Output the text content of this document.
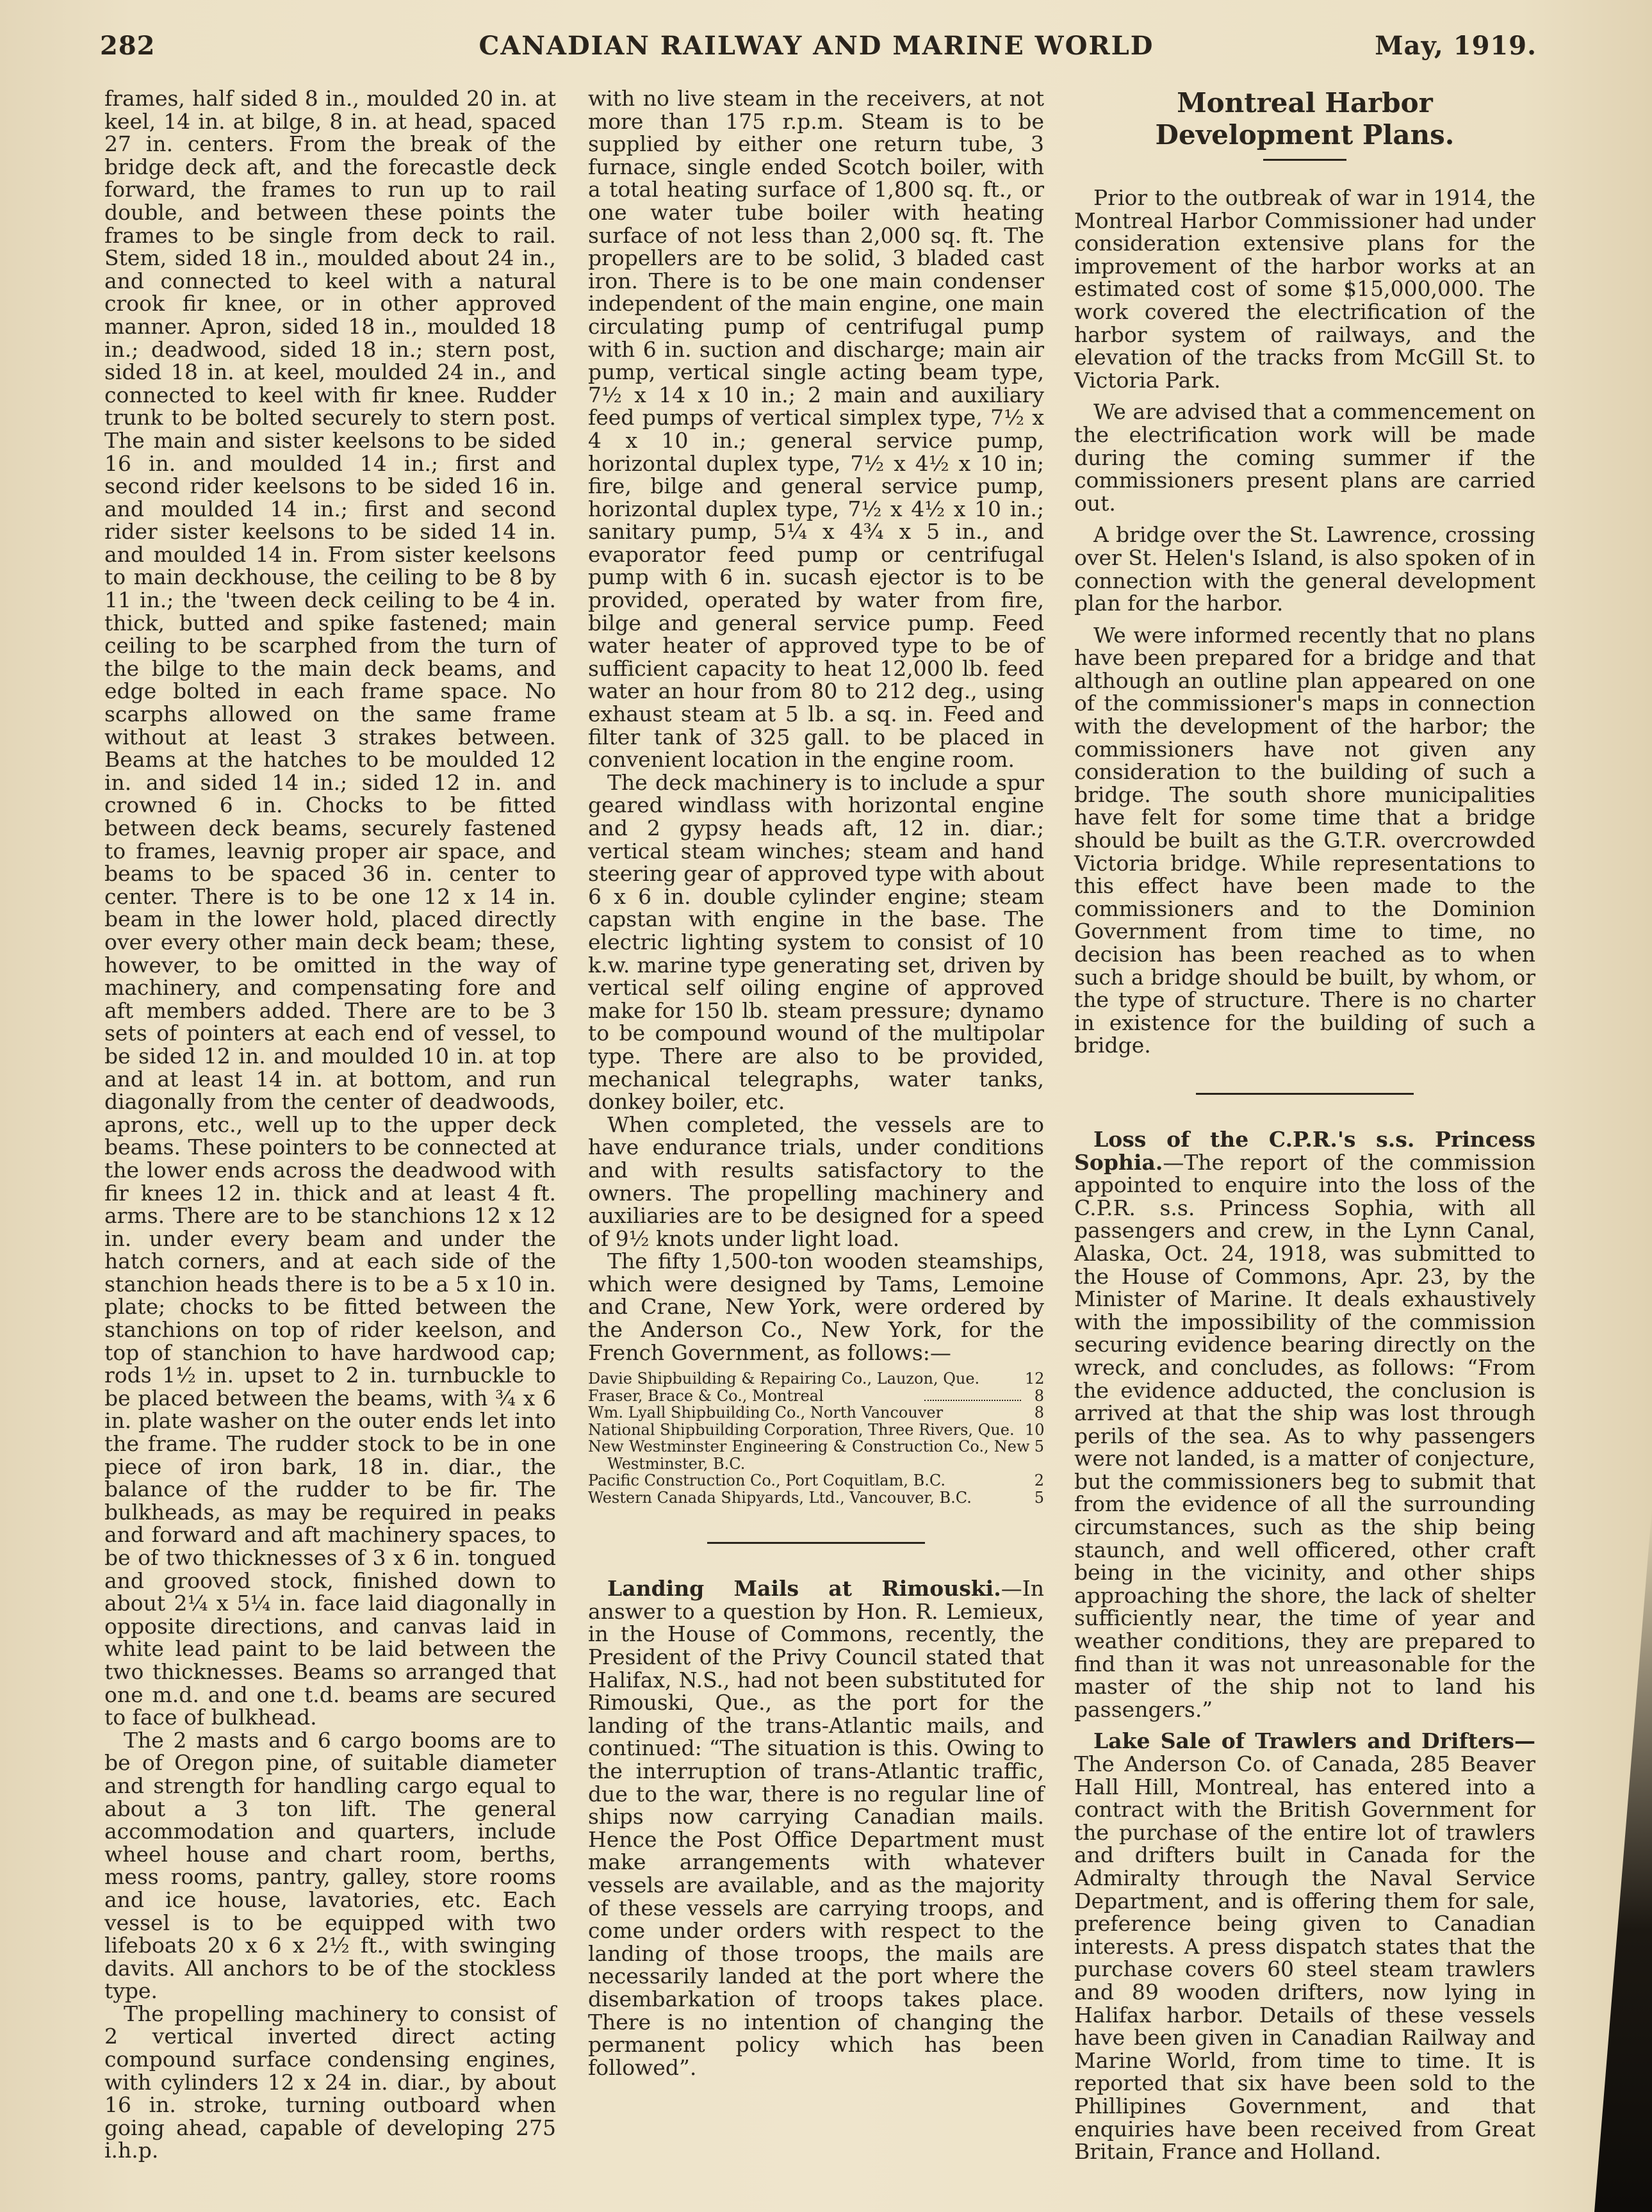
282	CANADIAN RAILWAY AND MARINE WORLD	May, 1919.

frames, half sided 8 in., moulded 20 in. at keel, 14 in. at bilge, 8 in. at head, spaced 27 in. centers. From the break of the bridge deck aft, and the forecastle deck forward, the frames to run up to rail double, and between these points the frames to be single from deck to rail. Stem, sided 18 in., moulded about 24 in., and connected to keel with a natural crook fir knee, or in other approved manner. Apron, sided 18 in., moulded 18 in.; deadwood, sided 18 in.; stern post, sided 18 in. at keel, moulded 24 in., and connected to keel with fir knee. Rudder trunk to be bolted securely to stern post. The main and sister keelsons to be sided 16 in. and moulded 14 in.; first and second rider keelsons to be sided 16 in. and moulded 14 in.; first and second rider sister keelsons to be sided 14 in. and moulded 14 in. From sister keelsons to main deckhouse, the ceiling to be 8 by 11 in.; the 'tween deck ceiling to be 4 in. thick, butted and spike fastened; main ceiling to be scarphed from the turn of the bilge to the main deck beams, and edge bolted in each frame space. No scarphs allowed on the same frame without at least 3 strakes between. Beams at the hatches to be moulded 12 in. and sided 14 in.; sided 12 in. and crowned 6 in. Chocks to be fitted between deck beams, securely fastened to frames, leavnig proper air space, and beams to be spaced 36 in. center to center. There is to be one 12 x 14 in. beam in the lower hold, placed directly over every other main deck beam; these, however, to be omitted in the way of machinery, and compensating fore and aft members added. There are to be 3 sets of pointers at each end of vessel, to be sided 12 in. and moulded 10 in. at top and at least 14 in. at bottom, and run diagonally from the center of deadwoods, aprons, etc., well up to the upper deck beams. These pointers to be connected at the lower ends across the deadwood with fir knees 12 in. thick and at least 4 ft. arms. There are to be stanchions 12 x 12 in. under every beam and under the hatch corners, and at each side of the stanchion heads there is to be a 5 x 10 in. plate; chocks to be fitted between the stanchions on top of rider keelson, and top of stanchion to have hardwood cap; rods 1½ in. upset to 2 in. turnbuckle to be placed between the beams, with ¾ x 6 in. plate washer on the outer ends let into the frame. The rudder stock to be in one piece of iron bark, 18 in. diar., the balance of the rudder to be fir. The bulkheads, as may be required in peaks and forward and aft machinery spaces, to be of two thicknesses of 3 x 6 in. tongued and grooved stock, finished down to about 2¼ x 5¼ in. face laid diagonally in opposite directions, and canvas laid in white lead paint to be laid between the two thicknesses. Beams so arranged that one m.d. and one t.d. beams are secured to face of bulkhead.

The 2 masts and 6 cargo booms are to be of Oregon pine, of suitable diameter and strength for handling cargo equal to about a 3 ton lift. The general accommodation and quarters, include wheel house and chart room, berths, mess rooms, pantry, galley, store rooms and ice house, lavatories, etc. Each vessel is to be equipped with two lifeboats 20 x 6 x 2½ ft., with swinging davits. All anchors to be of the stockless type.

The propelling machinery to consist of 2 vertical inverted direct acting compound surface condensing engines, with cylinders 12 x 24 in. diar., by about 16 in. stroke, turning outboard when going ahead, capable of developing 275 i.h.p.

with no live steam in the receivers, at not more than 175 r.p.m. Steam is to be supplied by either one return tube, 3 furnace, single ended Scotch boiler, with a total heating surface of 1,800 sq. ft., or one water tube boiler with heating surface of not less than 2,000 sq. ft. The propellers are to be solid, 3 bladed cast iron. There is to be one main condenser independent of the main engine, one main circulating pump of centrifugal pump with 6 in. suction and discharge; main air pump, vertical single acting beam type, 7½ x 14 x 10 in.; 2 main and auxiliary feed pumps of vertical simplex type, 7½ x 4 x 10 in.; general service pump, horizontal duplex type, 7½ x 4½ x 10 in; fire, bilge and general service pump, horizontal duplex type, 7½ x 4½ x 10 in.; sanitary pump, 5¼ x 4¾ x 5 in., and evaporator feed pump or centrifugal pump with 6 in. sucash ejector is to be provided, operated by water from fire, bilge and general service pump. Feed water heater of approved type to be of sufficient capacity to heat 12,000 lb. feed water an hour from 80 to 212 deg., using exhaust steam at 5 lb. a sq. in. Feed and filter tank of 325 gall. to be placed in convenient location in the engine room.

The deck machinery is to include a spur geared windlass with horizontal engine and 2 gypsy heads aft, 12 in. diar.; vertical steam winches; steam and hand steering gear of approved type with about 6 x 6 in. double cylinder engine; steam capstan with engine in the base. The electric lighting system to consist of 10 k.w. marine type generating set, driven by vertical self oiling engine of approved make for 150 lb. steam pressure; dynamo to be compound wound of the multipolar type. There are also to be provided, mechanical telegraphs, water tanks, donkey boiler, etc.

When completed, the vessels are to have endurance trials, under conditions and with results satisfactory to the owners. The propelling machinery and auxiliaries are to be designed for a speed of 9½ knots under light load.

The fifty 1,500-ton wooden steamships, which were designed by Tams, Lemoine and Crane, New York, were ordered by the Anderson Co., New York, for the French Government, as follows:—

Davie Shipbuilding & Repairing Co., Lauzon, Que.	12
Fraser, Brace & Co., Montreal	8
Wm. Lyall Shipbuilding Co., North Vancouver	8
National Shipbuilding Corporation, Three Rivers, Que. 10
New Westminster Engineering & Construction Co., New Westminster, B.C.
5
Pacific Construction Co., Port Coquitlam, B.C.	2
Western Canada Shipyards, Ltd., Vancouver, B.C.	5

Landing Mails at Rimouski.—In answer to a question by Hon. R. Lemieux, in the House of Commons, recently, the President of the Privy Council stated that Halifax, N.S., had not been substituted for Rimouski, Que., as the port for the landing of the trans-Atlantic mails, and continued: “The situation is this. Owing to the interruption of trans-Atlantic traffic, due to the war, there is no regular line of ships now carrying Canadian mails. Hence the Post Office Department must make arrangements with whatever vessels are available, and as the majority of these vessels are carrying troops, and come under orders with respect to the landing of those troops, the mails are necessarily landed at the port where the disembarkation of troops takes place. There is no intention of changing the permanent policy which has been followed”.

Montreal Harbor Development Plans.

Prior to the outbreak of war in 1914, the Montreal Harbor Commissioner had under consideration extensive plans for the improvement of the harbor works at an estimated cost of some $15,000,000. The work covered the electrification of the harbor system of railways, and the elevation of the tracks from McGill St. to Victoria Park.

We are advised that a commencement on the electrification work will be made during the coming summer if the commissioners present plans are carried out.

A bridge over the St. Lawrence, crossing over St. Helen's Island, is also spoken of in connection with the general development plan for the harbor.

We were informed recently that no plans have been prepared for a bridge and that although an outline plan appeared on one of the commissioner's maps in connection with the development of the harbor; the commissioners have not given any consideration to the building of such a bridge. The south shore municipalities have felt for some time that a bridge should be built as the G.T.R. overcrowded Victoria bridge. While representations to this effect have been made to the commissioners and to the Dominion Government from time to time, no decision has been reached as to when such a bridge should be built, by whom, or the type of structure. There is no charter in existence for the building of such a bridge.

Loss of the C.P.R.'s s.s. Princess Sophia.—The report of the commission appointed to enquire into the loss of the C.P.R. s.s. Princess Sophia, with all passengers and crew, in the Lynn Canal, Alaska, Oct. 24, 1918, was submitted to the House of Commons, Apr. 23, by the Minister of Marine. It deals exhaustively with the impossibility of the commission securing evidence bearing directly on the wreck, and concludes, as follows: “From the evidence adducted, the conclusion is arrived at that the ship was lost through perils of the sea. As to why passengers were not landed, is a matter of conjecture, but the commissioners beg to submit that from the evidence of all the surrounding circumstances, such as the ship being staunch, and well officered, other craft being in the vicinity, and other ships approaching the shore, the lack of shelter sufficiently near, the time of year and weather conditions, they are prepared to find than it was not unreasonable for the master of the ship not to land his passengers.”

Lake Sale of Trawlers and Drifters—The Anderson Co. of Canada, 285 Beaver Hall Hill, Montreal, has entered into a contract with the British Government for the purchase of the entire lot of trawlers and drifters built in Canada for the Admiralty through the Naval Service Department, and is offering them for sale, preference being given to Canadian interests. A press dispatch states that the purchase covers 60 steel steam trawlers and 89 wooden drifters, now lying in Halifax harbor. Details of these vessels have been given in Canadian Railway and Marine World, from time to time. It is reported that six have been sold to the Phillipines Government, and that enquiries have been received from Great Britain, France and Holland.
